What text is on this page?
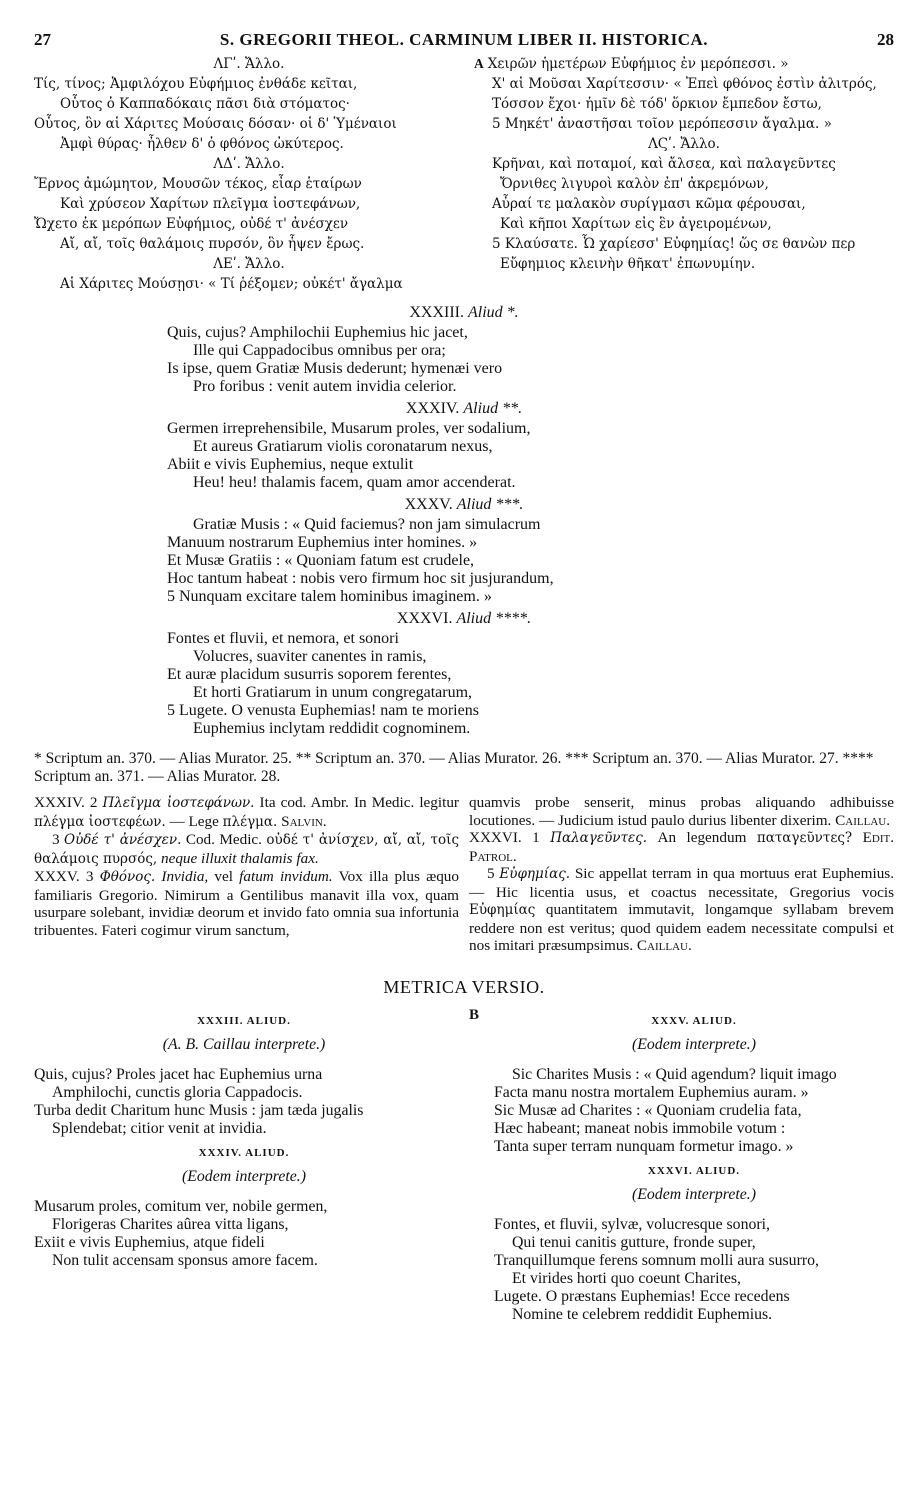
27	S. GREGORII THEOL. CARMINUM LIBER II. HISTORICA.	28
ΛΓʹ. Ἄλλο.
Τίς, τίνος; Ἀμφιλόχου Εὐφήμιος ἐνθάδε κεῖται,
Οὗτος ὁ Καππαδόκαις πᾶσι διὰ στόματος·
Οὗτος, ὃν αἱ Χάριτες Μούσαις δόσαν· οἱ δ' Ὑμέναιοι
Ἀμφὶ θύρας· ἦλθεν δ' ὁ φθόνος ὠκύτερος.
ΛΔʹ. Ἄλλο.
Ἔρνος ἀμώμητον, Μουσῶν τέκος, εἶαρ ἑταίρων
Καὶ χρύσεον Χαρίτων πλεῖγμα ἰοστεφάνων,
Ὤχετο ἐκ μερόπων Εὐφήμιος, οὐδέ τ' ἀνέσχεν
Αἴ, αἴ, τοῖς θαλάμοις πυρσόν, ὃν ἧψεν ἔρως.
ΛΕʹ. Ἄλλο.
Αἱ Χάριτες Μούσῃσι· « Τί ῥέξομεν; οὐκέτ' ἄγαλμα
A Χειρῶν ἡμετέρων Εὐφήμιος ἐν μερόπεσσι. »
Χ' αἱ Μοῦσαι Χαρίτεσσιν· « Ἐπεὶ φθόνος ἐστὶν ἀλιτρός,
Τόσσον ἔχοι· ἡμῖν δὲ τόδ' ὅρκιον ἔμπεδον ἔστω,
5 Μηκέτ' ἀναστῆσαι τοῖον μερόπεσσιν ἄγαλμα. »
ΛϚʹ. Ἄλλο.
Κρῆναι, καὶ ποταμοί, καὶ ἄλσεα, καὶ παλαγεῦντες
Ὄρνιθες λιγυροὶ καλὸν ἐπ' ἀκρεμόνων,
Αὖραί τε μαλακὸν συρίγμασι κῶμα φέρουσαι,
Καὶ κῆποι Χαρίτων εἰς ἓν ἀγειρομένων,
5 Κλαύσατε. Ὦ χαρίεσσ' Εὐφημίας! ὥς σε θανὼν περ
Εὔφημιος κλεινὴν θῆκατ' ἐπωνυμίην.
XXXIII. Aliud *.
Quis, cujus? Amphilochii Euphemius hic jacet,
Ille qui Cappadocibus omnibus per ora;
Is ipse, quem Gratiæ Musis dederunt; hymenæi vero
Pro foribus : venit autem invidia celerior.
XXXIV. Aliud **.
Germen irreprehensibile, Musarum proles, ver sodalium,
Et aureus Gratiarum violis coronatarum nexus,
Abiit e vivis Euphemius, neque extulit
Heu! heu! thalamis facem, quam amor accenderat.
XXXV. Aliud ***.
Gratiæ Musis : « Quid faciemus? non jam simulacrum
Manuum nostrarum Euphemius inter homines. »
Et Musæ Gratiis : « Quoniam fatum est crudele,
Hoc tantum habeat : nobis vero firmum hoc sit jusjurandum,
5 Nunquam excitare talem hominibus imaginem. »
XXXVI. Aliud ****.
Fontes et fluvii, et nemora, et sonori
Volucres, suaviter canentes in ramis,
Et auræ placidum susurris soporem ferentes,
Et horti Gratiarum in unum congregatarum,
5 Lugete. O venusta Euphemias! nam te moriens
Euphemius inclytam reddidit cognominem.
* Scriptum an. 370. — Alias Murator. 25. ** Scriptum an. 370. — Alias Murator. 26. *** Scriptum an. 370. — Alias Murator. 27. **** Scriptum an. 371. — Alias Murator. 28.

XXXIV. 2 Πλεῖγμα ἰοστεφάνων. Ita cod. Ambr. In Medic. legitur πλέγμα ἰοστεφέων. — Lege πλέγμα. Salvin.

3 Οὐδέ τ' ἀνέσχεν. Cod. Medic. οὐδέ τ' ἀνίσχεν, αἴ, αἴ, τοῖς θαλάμοις πυρσός, neque illuxit thalamis fax.

XXXV. 3 Φθόνος. Invidia, vel fatum invidum. Vox illa plus æquo familiaris Gregorio. Nimirum a Gentilibus manavit illa vox, quam usurpare solebant, invidiæ deorum et invido fato omnia sua infortunia tribuentes. Fateri cogimur virum sanctum,

quamvis probe senserit, minus probas aliquando adhibuisse locutiones. — Judicium istud paulo durius libenter dixerim. Caillau.

XXXVI. 1 Παλαγεῦντες. An legendum παταγεῦντες? Edit. Patrol.

5 Εὐφημίας. Sic appellat terram in qua mortuus erat Euphemius. — Hic licentia usus, et coactus necessitate, Gregorius vocis Εὐφημίας quantitatem immutavit, longamque syllabam brevem reddere non est veritus; quod quidem eadem necessitate compulsi et nos imitari præsumpsimus. Caillau.

METRICA VERSIO.
XXXIII. ALIUD.
(A. B. Caillau interprete.)
Quis, cujus? Proles jacet hac Euphemius urna
Amphilochi, cunctis gloria Cappadocis.
Turba dedit Charitum hunc Musis : jam tæda jugalis
Splendebat; citior venit at invidia.
XXXIV. ALIUD.
(Eodem interprete.)
Musarum proles, comitum ver, nobile germen,
Florigeras Charites aûrea vitta ligans,
Exiit e vivis Euphemius, atque fideli
Non tulit accensam sponsus amore facem.
B	XXXV. ALIUD.
(Eodem interprete.)
Sic Charites Musis : « Quid agendum? liquit imago
Facta manu nostra mortalem Euphemius auram. »
Sic Musæ ad Charites : « Quoniam crudelia fata,
Hæc habeant; maneat nobis immobile votum :
Tanta super terram nunquam formetur imago. »
XXXVI. ALIUD.
(Eodem interprete.)
Fontes, et fluvii, sylvæ, volucresque sonori,
Qui tenui canitis gutture, fronde super,
Tranquillumque ferens somnum molli aura susurro,
Et virides horti quo coeunt Charites,
Lugete. O præstans Euphemias! Ecce recedens
Nomine te celebrem reddidit Euphemius.
